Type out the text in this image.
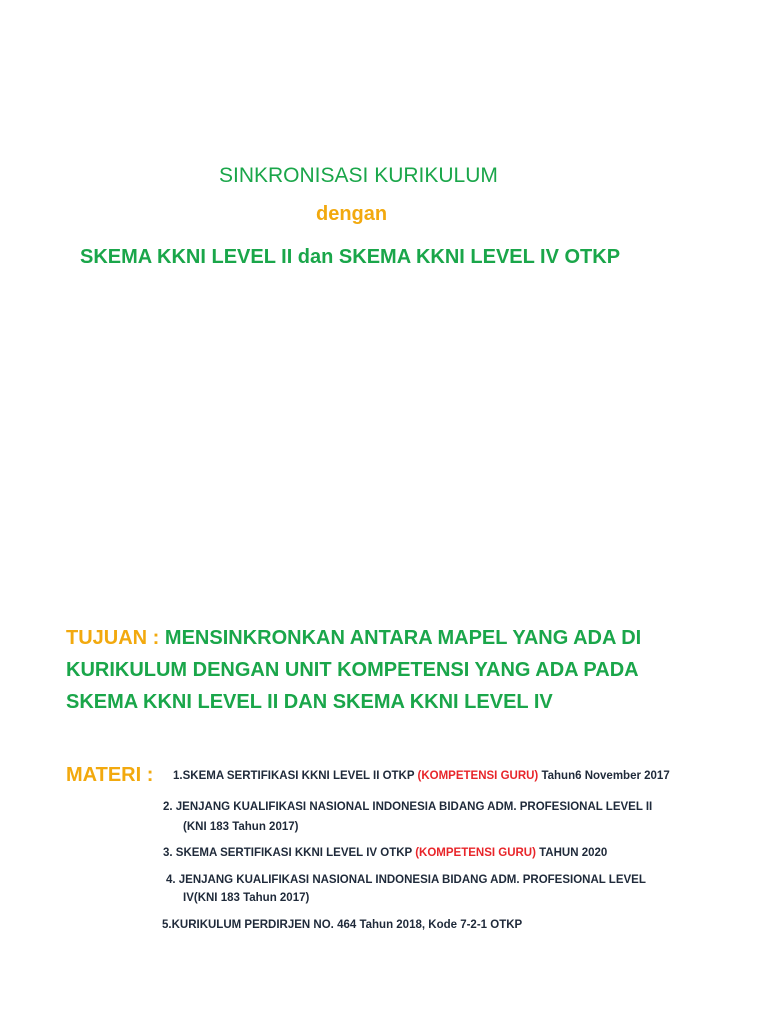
SINKRONISASI KURIKULUM
dengan
SKEMA KKNI LEVEL II dan SKEMA KKNI LEVEL IV OTKP
TUJUAN : MENSINKRONKAN ANTARA MAPEL YANG ADA DI
KURIKULUM DENGAN UNIT KOMPETENSI YANG ADA PADA
SKEMA KKNI LEVEL II DAN SKEMA KKNI LEVEL IV
MATERI : 1.SKEMA SERTIFIKASI KKNI LEVEL II OTKP (KOMPETENSI GURU) Tahun6 November 2017
2. JENJANG KUALIFIKASI NASIONAL INDONESIA BIDANG ADM. PROFESIONAL LEVEL II
(KNI 183 Tahun 2017)
3. SKEMA SERTIFIKASI KKNI LEVEL IV OTKP (KOMPETENSI GURU) TAHUN 2020
4. JENJANG KUALIFIKASI NASIONAL INDONESIA BIDANG ADM. PROFESIONAL LEVEL
IV(KNI 183 Tahun 2017)
5.KURIKULUM PERDIRJEN NO. 464 Tahun 2018, Kode 7-2-1 OTKP
